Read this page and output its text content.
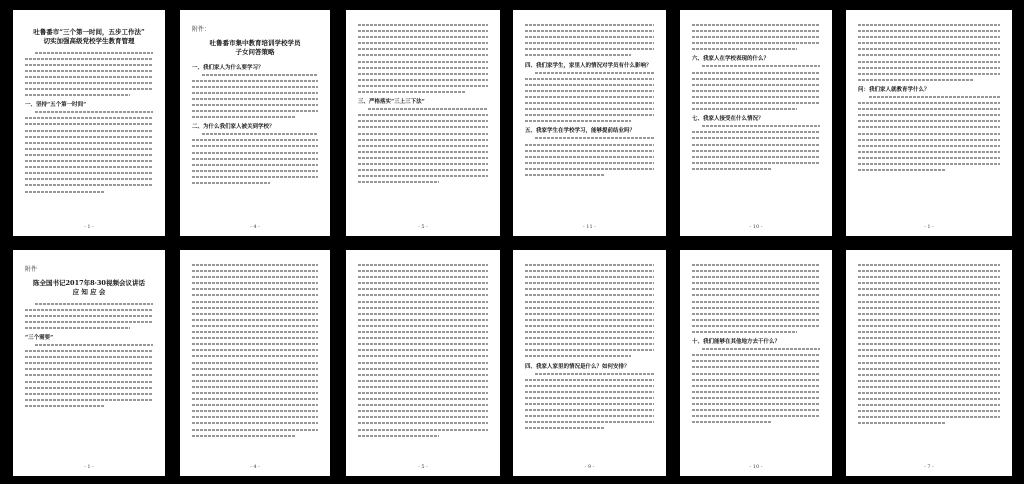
吐鲁番市“三个第一时间，五步工作法”
切实加强高级党校学生教育管理
一、坚持“五个第一时间”
- 1 -
附件：
吐鲁番市集中教育培训学校学员
子女问答策略
一、我们家人为什么要学习？
二、为什么我们家人被关到学校？
- 4 -
三、严格落实“三上三下法”
- 5 -
四、我们家学生，家里人的情况对学员有什么影响？
五、我家学生在学校学习，能够提前结业吗？
- 11 -
六、我家人在学校表现的什么？
七、我家人接受在什么情况？
- 10 -
问：我们家人就教育学什么？
- 1 -
附件
陈全国书记2017年8·30视频会议讲话
应 知 应 会
“三个需要”
- 1 -	- 4 -	- 5 -
四、我家人家里的情况是什么？如何安排？
- 9 -
十、我们能够在其他地方去干什么？
- 10 -	- 7 -
